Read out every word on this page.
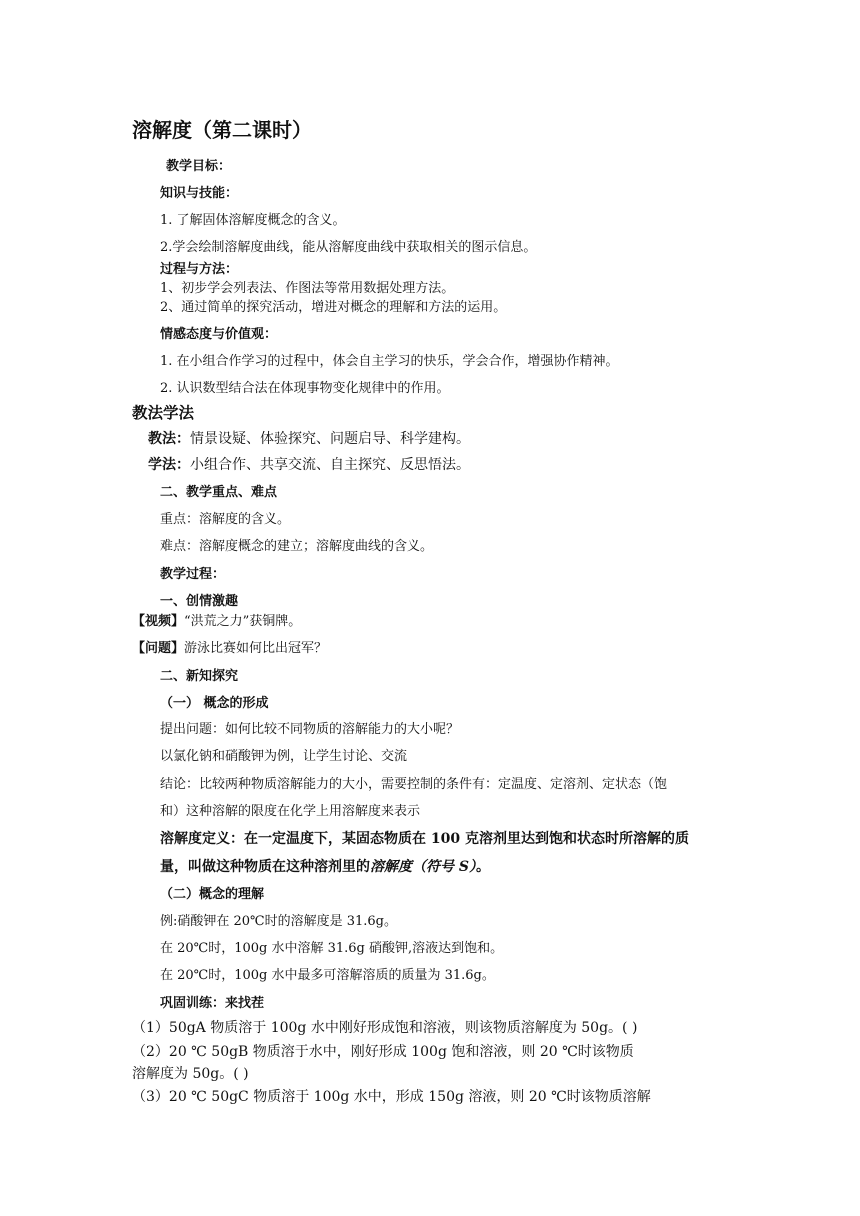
溶解度（第二课时）
教学目标：
知识与技能：
1. 了解固体溶解度概念的含义。
2.学会绘制溶解度曲线，能从溶解度曲线中获取相关的图示信息。
过程与方法：
1、初步学会列表法、作图法等常用数据处理方法。
2、通过简单的探究活动，增进对概念的理解和方法的运用。
情感态度与价值观：
1. 在小组合作学习的过程中，体会自主学习的快乐，学会合作，增强协作精神。
2. 认识数型结合法在体现事物变化规律中的作用。
教法学法
教法：情景设疑、体验探究、问题启导、科学建构。
学法：小组合作、共享交流、自主探究、反思悟法。
二、教学重点、难点
重点：溶解度的含义。
难点：溶解度概念的建立；溶解度曲线的含义。
教学过程：
一、创情激趣
【视频】“洪荒之力”获铜牌。
【问题】游泳比赛如何比出冠军？
二、新知探究
（一） 概念的形成
提出问题：如何比较不同物质的溶解能力的大小呢？
以氯化钠和硝酸钾为例，让学生讨论、交流
结论：比较两种物质溶解能力的大小，需要控制的条件有：定温度、定溶剂、定状态（饱
和）这种溶解的限度在化学上用溶解度来表示
溶解度定义：在一定温度下，某固态物质在 100 克溶剂里达到饱和状态时所溶解的质
量，叫做这种物质在这种溶剂里的溶解度（符号 S）。
（二）概念的理解
例:硝酸钾在 20℃时的溶解度是 31.6g。
在 20℃时，100g 水中溶解 31.6g 硝酸钾,溶液达到饱和。
在 20℃时，100g 水中最多可溶解溶质的质量为 31.6g。
巩固训练：来找茬
（1）50gA 物质溶于 100g 水中刚好形成饱和溶液，则该物质溶解度为 50g。( )
（2）20 ℃ 50gB 物质溶于水中，刚好形成 100g 饱和溶液，则 20 ℃时该物质
溶解度为 50g。( )
（3）20 ℃ 50gC 物质溶于 100g 水中，形成 150g 溶液，则 20 ℃时该物质溶解
